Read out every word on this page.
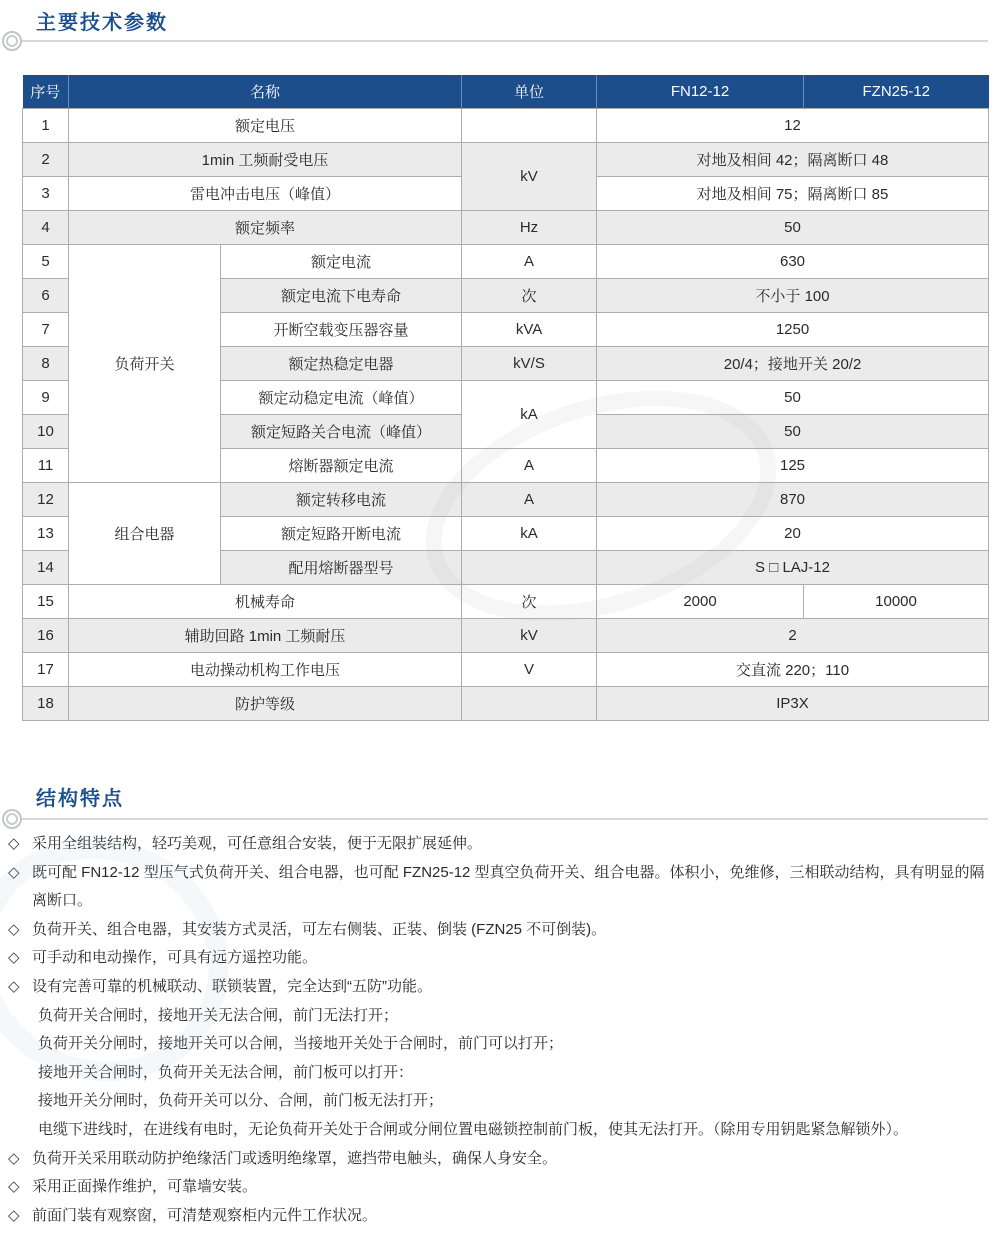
主要技术参数
序号	名称		单位	FN12-12	FZN25-12
1	额定电压			12	
2	1min 工频耐受电压		kV	对地及相间 42；隔离断口 48	
3	雷电冲击电压（峰值）			对地及相间 75；隔离断口 85	
4	额定频率		Hz	50	
5	负荷开关	额定电流	A	630	
6		额定电流下电寿命	次	不小于 100	
7		开断空载变压器容量	kVA	1250	
8		额定热稳定电器	kV/S	20/4；接地开关 20/2	
9		额定动稳定电流（峰值）	kA	50	
10		额定短路关合电流（峰值）		50	
11		熔断器额定电流	A	125	
12	组合电器	额定转移电流	A	870	
13		额定短路开断电流	kA	20	
14		配用熔断器型号		S □ LAJ-12	
15	机械寿命		次	2000	10000
16	辅助回路 1min 工频耐压		kV	2	
17	电动操动机构工作电压		V	交直流 220；110	
18	防护等级			IP3X	
结构特点
◇ 采用全组装结构，轻巧美观，可任意组合安装，便于无限扩展延伸。
◇ 既可配 FN12-12 型压气式负荷开关、组合电器，也可配 FZN25-12 型真空负荷开关、组合电器。体积小，免维修，三相联动结构，具有明显的隔离断口。
◇ 负荷开关、组合电器，其安装方式灵活，可左右侧装、正装、倒装 (FZN25 不可倒装)。
◇ 可手动和电动操作，可具有远方遥控功能。
◇ 设有完善可靠的机械联动、联锁装置，完全达到“五防”功能。
负荷开关合闸时，接地开关无法合闸，前门无法打开；
负荷开关分闸时，接地开关可以合闸，当接地开关处于合闸时，前门可以打开；
接地开关合闸时，负荷开关无法合闸，前门板可以打开：
接地开关分闸时，负荷开关可以分、合闸，前门板无法打开；
电缆下进线时，在进线有电时，无论负荷开关处于合闸或分闸位置电磁锁控制前门板，使其无法打开。（除用专用钥匙紧急解锁外）。
◇ 负荷开关采用联动防护绝缘活门或透明绝缘罩，遮挡带电触头，确保人身安全。
◇ 采用正面操作维护，可靠墙安装。
◇ 前面门装有观察窗，可清楚观察柜内元件工作状况。
